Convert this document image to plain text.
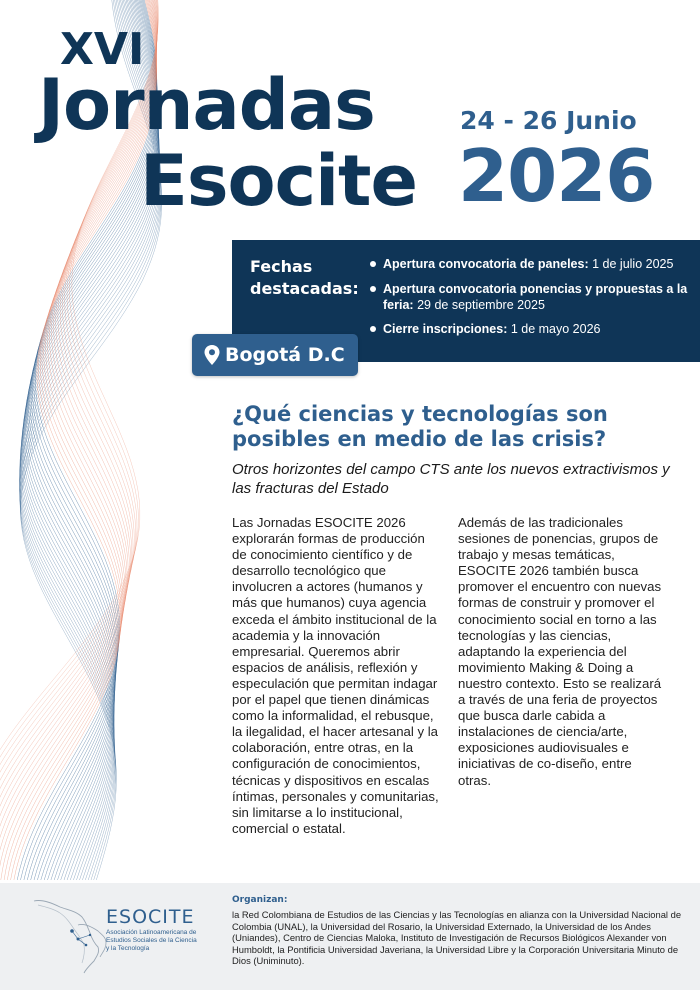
XVI
Jornadas
Esocite
24 - 26 Junio
2026
Fechas
destacadas:
Apertura convocatoria de paneles: 1 de julio 2025
Apertura convocatoria ponencias y propuestas a la feria: 29 de septiembre 2025
Cierre inscripciones: 1 de mayo 2026
Bogotá D.C
¿Qué ciencias y tecnologías son posibles en medio de las crisis?
Otros horizontes del campo CTS ante los nuevos extractivismos y las fracturas del Estado
Las Jornadas ESOCITE 2026 explorarán formas de producción de conocimiento científico y de desarrollo tecnológico que involucren a actores (humanos y más que humanos) cuya agencia exceda el ámbito institucional de la academia y la innovación empresarial. Queremos abrir espacios de análisis, reflexión y especulación que permitan indagar por el papel que tienen dinámicas como la informalidad, el rebusque, la ilegalidad, el hacer artesanal y la colaboración, entre otras, en la configuración de conocimientos, técnicas y dispositivos en escalas íntimas, personales y comunitarias, sin limitarse a lo institucional, comercial o estatal.
Además de las tradicionales sesiones de ponencias, grupos de trabajo y mesas temáticas, ESOCITE 2026 también busca promover el encuentro con nuevas formas de construir y promover el conocimiento social en torno a las tecnologías y las ciencias, adaptando la experiencia del movimiento Making & Doing a nuestro contexto. Esto se realizará a través de una feria de proyectos que busca darle cabida a instalaciones de ciencia/arte, exposiciones audiovisuales e iniciativas de co-diseño, entre otras.
Organizan:
la Red Colombiana de Estudios de las Ciencias y las Tecnologías en alianza con la Universidad Nacional de Colombia (UNAL), la Universidad del Rosario, la Universidad Externado, la Universidad de los Andes (Uniandes), Centro de Ciencias Maloka, Instituto de Investigación de Recursos Biológicos Alexander von Humboldt, la Pontificia Universidad Javeriana, la Universidad Libre y la Corporación Universitaria Minuto de Dios (Uniminuto).
ESOCITE
Asociación Latinoamericana de Estudios Sociales de la Ciencia y la Tecnología
